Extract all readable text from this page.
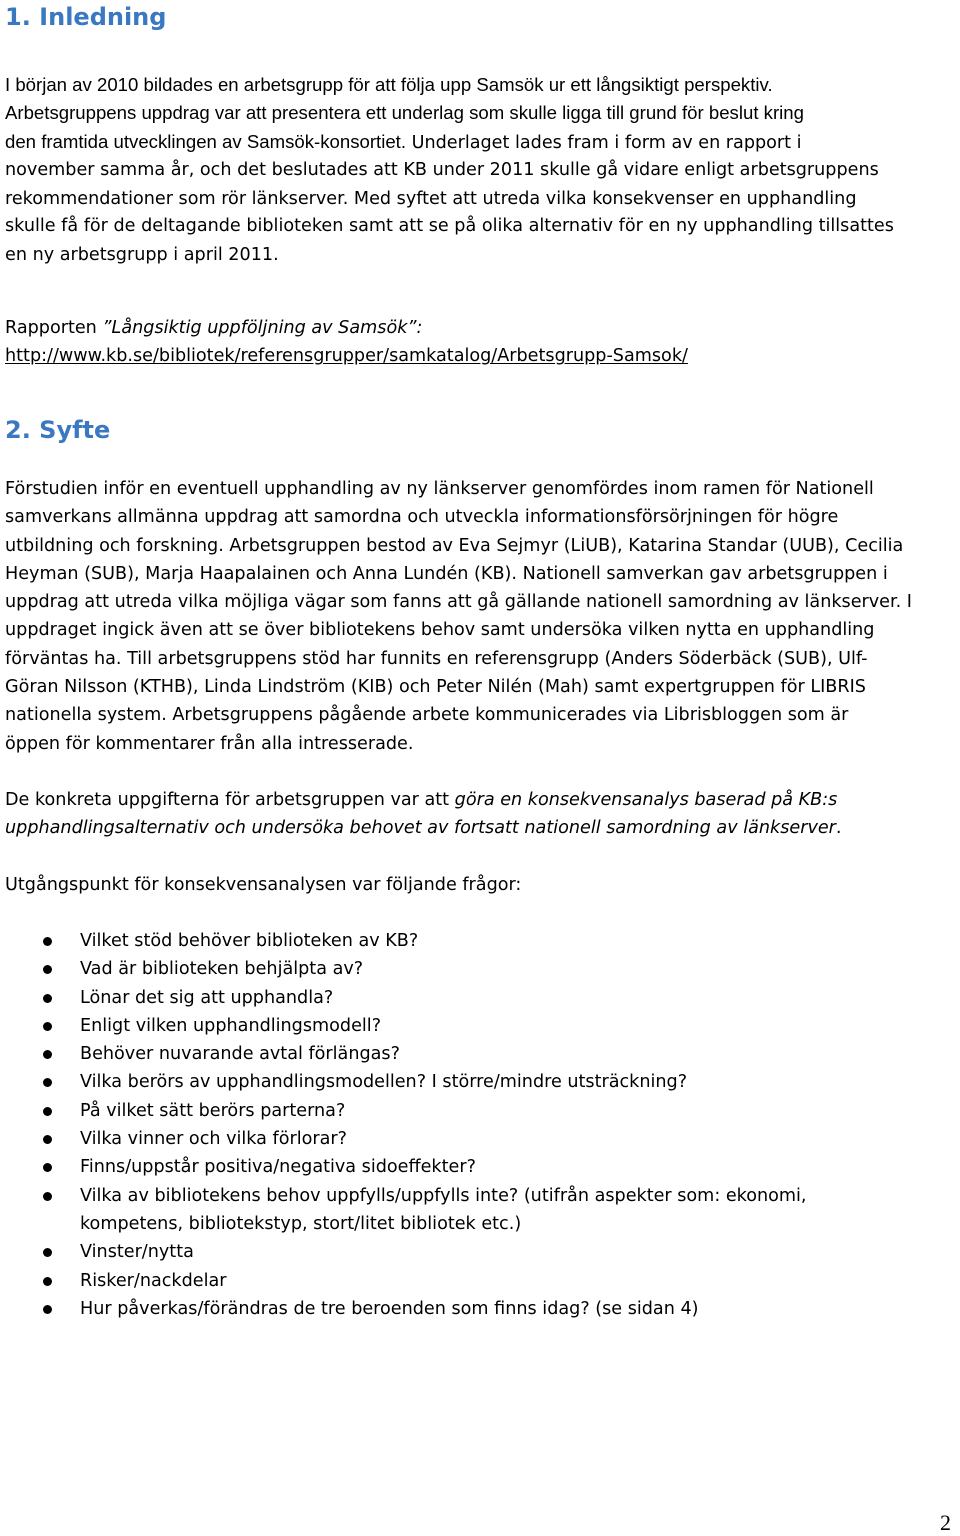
1. Inledning
I början av 2010 bildades en arbetsgrupp för att följa upp Samsök ur ett långsiktigt perspektiv.
Arbetsgruppens uppdrag var att presentera ett underlag som skulle ligga till grund för beslut kring
den framtida utvecklingen av Samsök-konsortiet. Underlaget lades fram i form av en rapport i
november samma år, och det beslutades att KB under 2011 skulle gå vidare enligt arbetsgruppens
rekommendationer som rör länkserver. Med syftet att utreda vilka konsekvenser en upphandling
skulle få för de deltagande biblioteken samt att se på olika alternativ för en ny upphandling tillsattes
en ny arbetsgrupp i april 2011.
Rapporten ”Långsiktig uppföljning av Samsök”:
http://www.kb.se/bibliotek/referensgrupper/samkatalog/Arbetsgrupp-Samsok/
2. Syfte
Förstudien inför en eventuell upphandling av ny länkserver genomfördes inom ramen för Nationell
samverkans allmänna uppdrag att samordna och utveckla informationsförsörjningen för högre
utbildning och forskning. Arbetsgruppen bestod av Eva Sejmyr (LiUB), Katarina Standar (UUB), Cecilia
Heyman (SUB), Marja Haapalainen och Anna Lundén (KB). Nationell samverkan gav arbetsgruppen i
uppdrag att utreda vilka möjliga vägar som fanns att gå gällande nationell samordning av länkserver. I
uppdraget ingick även att se över bibliotekens behov samt undersöka vilken nytta en upphandling
förväntas ha. Till arbetsgruppens stöd har funnits en referensgrupp (Anders Söderbäck (SUB), Ulf-
Göran Nilsson (KTHB), Linda Lindström (KIB) och Peter Nilén (Mah) samt expertgruppen för LIBRIS
nationella system. Arbetsgruppens pågående arbete kommunicerades via Librisbloggen som är
öppen för kommentarer från alla intresserade.
De konkreta uppgifterna för arbetsgruppen var att göra en konsekvensanalys baserad på KB:s
upphandlingsalternativ och undersöka behovet av fortsatt nationell samordning av länkserver.
Utgångspunkt för konsekvensanalysen var följande frågor:
Vilket stöd behöver biblioteken av KB?
Vad är biblioteken behjälpta av?
Lönar det sig att upphandla?
Enligt vilken upphandlingsmodell?
Behöver nuvarande avtal förlängas?
Vilka berörs av upphandlingsmodellen? I större/mindre utsträckning?
På vilket sätt berörs parterna?
Vilka vinner och vilka förlorar?
Finns/uppstår positiva/negativa sidoeffekter?
Vilka av bibliotekens behov uppfylls/uppfylls inte? (utifrån aspekter som: ekonomi,
kompetens, bibliotekstyp, stort/litet bibliotek etc.)
Vinster/nytta
Risker/nackdelar
Hur påverkas/förändras de tre beroenden som finns idag? (se sidan 4)
2
